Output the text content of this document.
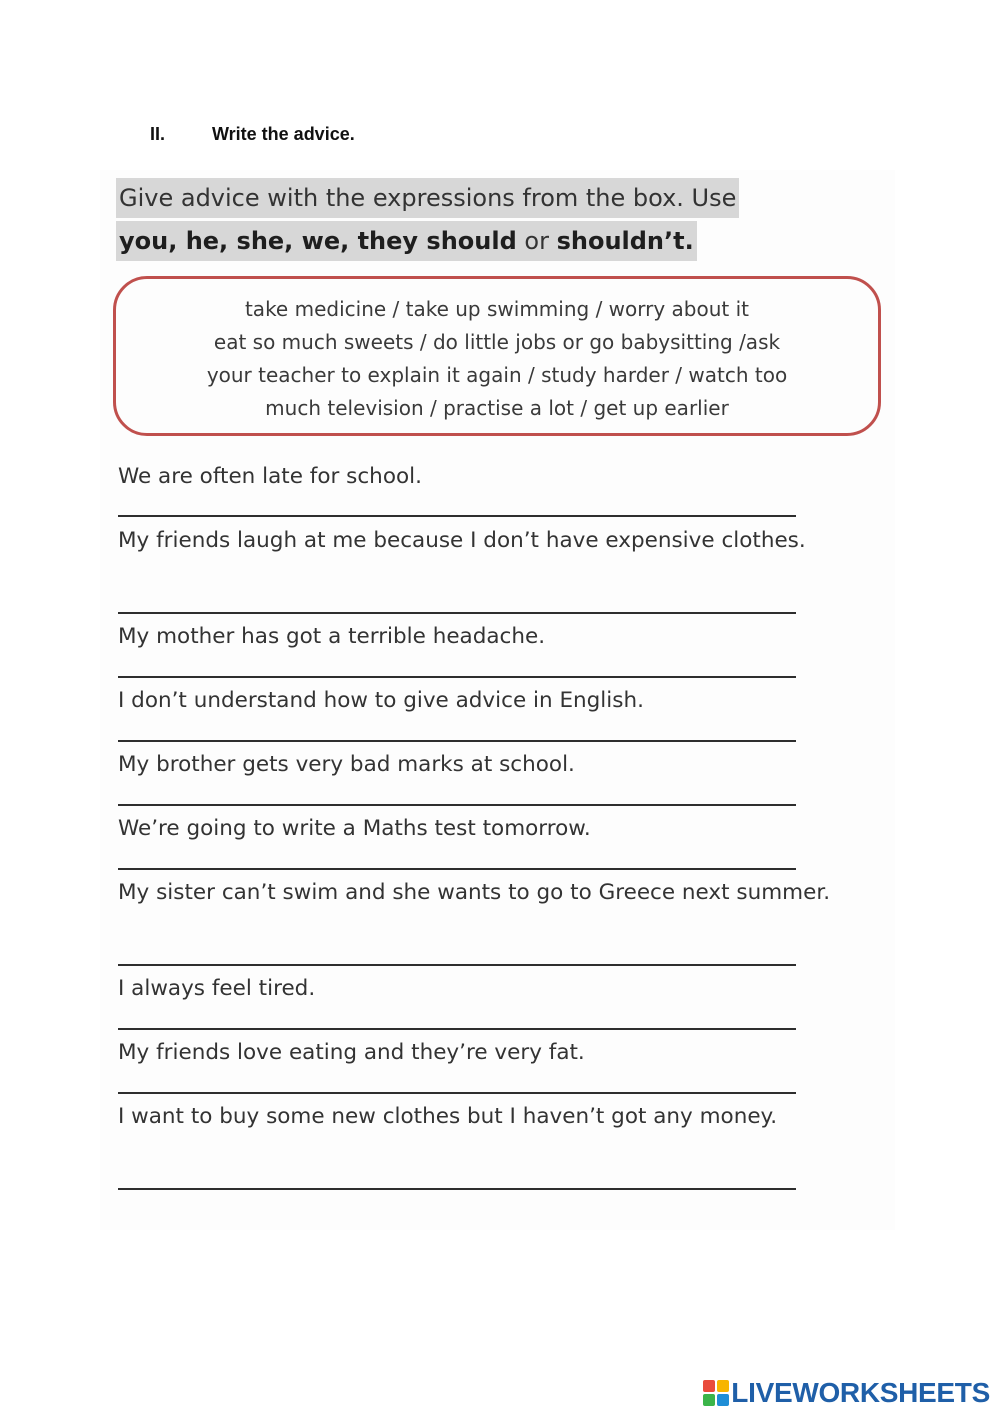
II.	Write the advice.
Give advice with the expressions from the box. Use
you, he, she, we, they should or shouldn’t.
take medicine / take up swimming / worry about it
eat so much sweets / do little jobs or go babysitting /ask
your teacher to explain it again / study harder / watch too
much television / practise a lot / get up earlier
We are often late for school.
My friends laugh at me because I don’t have expensive clothes.
My mother has got a terrible headache.
I don’t understand how to give advice in English.
My brother gets very bad marks at school.
We’re going to write a Maths test tomorrow.
My sister can’t swim and she wants to go to Greece next summer.
I always feel tired.
My friends love eating and they’re very fat.
I want to buy some new clothes but I haven’t got any money.
LIVEWORKSHEETS
